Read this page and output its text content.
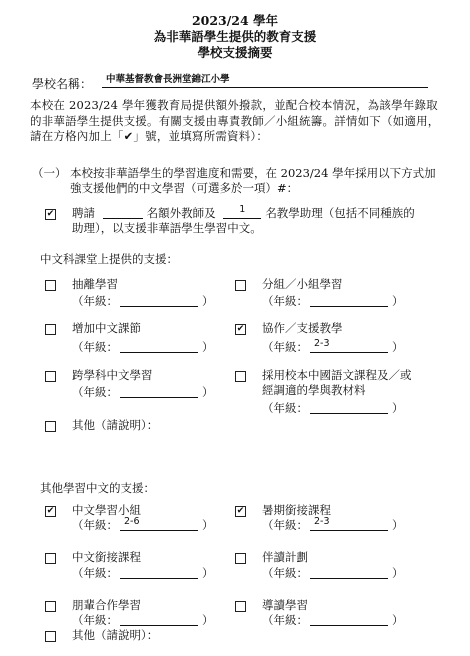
2023/24 學年
為非華語學生提供的教育支援
學校支援摘要
學校名稱：	中華基督教會長洲堂錦江小學
本校在 2023/24 學年獲教育局提供額外撥款，並配合校本情況，為該學年錄取的非華語學生提供支援。有關支援由專責教師／小組統籌。詳情如下（如適用，請在方格內加上「✔」號，並填寫所需資料）：
（一） 本校按非華語學生的學習進度和需要，在 2023/24 學年採用以下方式加強支援他們的中文學習（可選多於一項）#：
✔ 聘請	名額外教師及	1	名教學助理（包括不同種族的
助理），以支援非華語學生學習中文。
中文科課堂上提供的支援：
抽離學習
（年級：	）
分組／小組學習
（年級：	）
增加中文課節
（年級：	）
✔ 協作／支援教學
（年級： 2-3	）
跨學科中文學習
（年級：	）
採用校本中國語文課程及／或
經調適的學與教材料
（年級：	）
其他（請說明）：
其他學習中文的支援：
✔ 中文學習小組
（年級： 2-6	）
✔ 暑期銜接課程
（年級： 2-3	）
中文銜接課程
（年級：	）
伴讀計劃
（年級：	）
朋輩合作學習
（年級：	）
導讀學習
（年級：	）
其他（請說明）：
